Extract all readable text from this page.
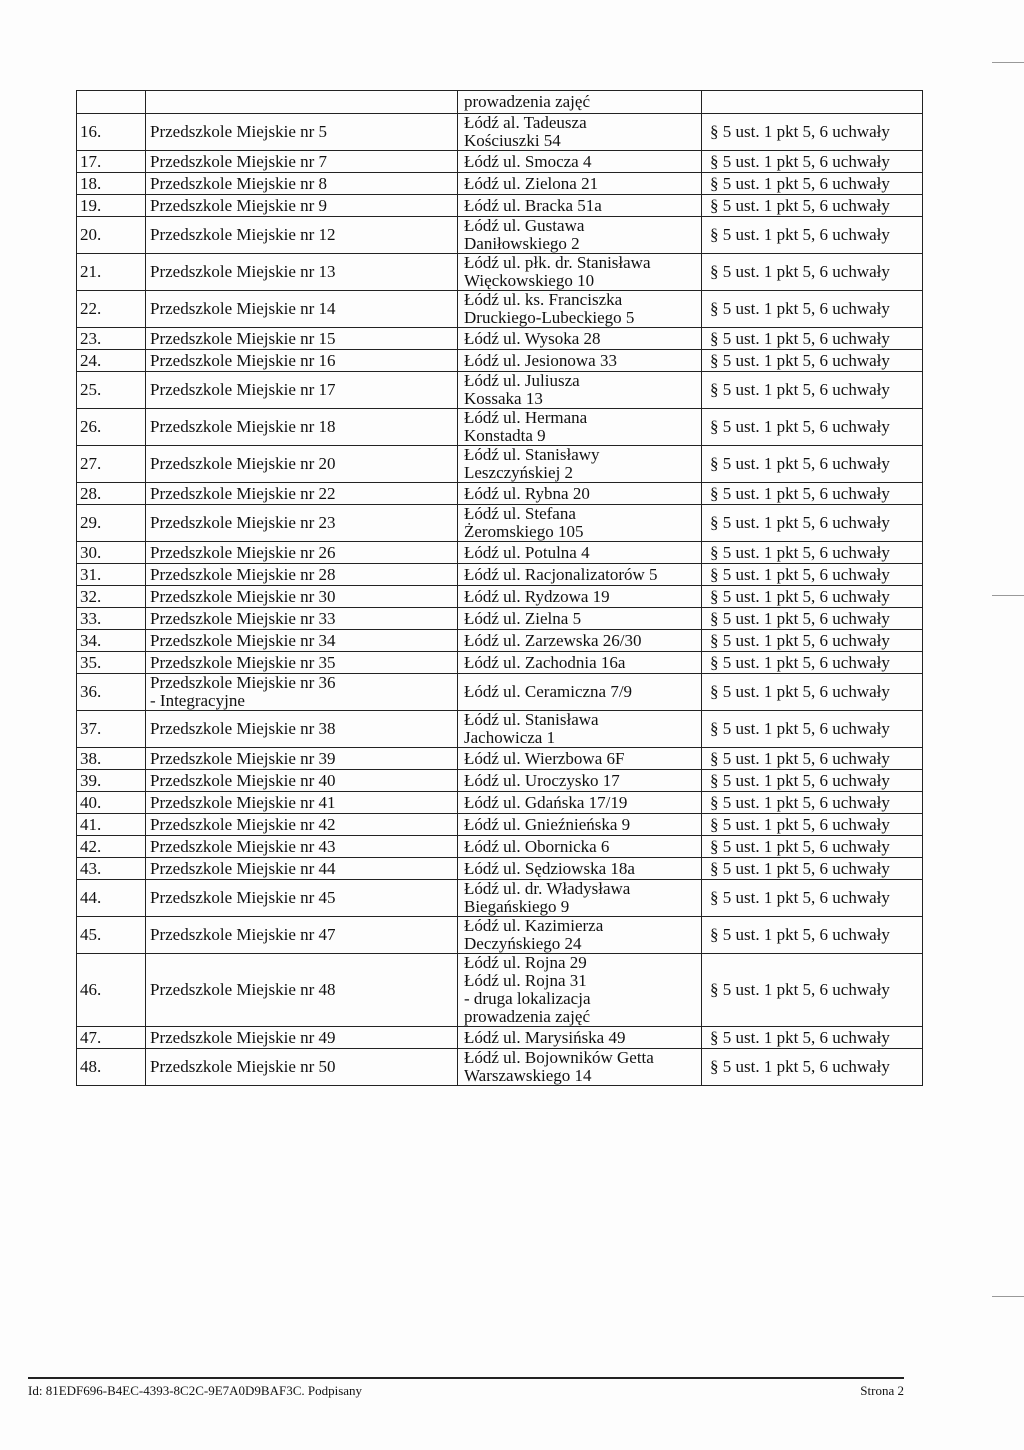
		prowadzenia zajęć	

16.	Przedszkole Miejskie nr 5	Łódź al. Tadeusza
Kościuszki 54	§ 5 ust. 1 pkt 5, 6 uchwały
17.	Przedszkole Miejskie nr 7	Łódź ul. Smocza 4	§ 5 ust. 1 pkt 5, 6 uchwały
18.	Przedszkole Miejskie nr 8	Łódź ul. Zielona 21	§ 5 ust. 1 pkt 5, 6 uchwały
19.	Przedszkole Miejskie nr 9	Łódź ul. Bracka 51a	§ 5 ust. 1 pkt 5, 6 uchwały
20.	Przedszkole Miejskie nr 12	Łódź ul. Gustawa
Daniłowskiego 2	§ 5 ust. 1 pkt 5, 6 uchwały
21.	Przedszkole Miejskie nr 13	Łódź ul. płk. dr. Stanisława
Więckowskiego 10	§ 5 ust. 1 pkt 5, 6 uchwały
22.	Przedszkole Miejskie nr 14	Łódź ul. ks. Franciszka
Druckiego-Lubeckiego 5	§ 5 ust. 1 pkt 5, 6 uchwały
23.	Przedszkole Miejskie nr 15	Łódź ul. Wysoka 28	§ 5 ust. 1 pkt 5, 6 uchwały
24.	Przedszkole Miejskie nr 16	Łódź ul. Jesionowa 33	§ 5 ust. 1 pkt 5, 6 uchwały
25.	Przedszkole Miejskie nr 17	Łódź ul. Juliusza
Kossaka 13	§ 5 ust. 1 pkt 5, 6 uchwały
26.	Przedszkole Miejskie nr 18	Łódź ul. Hermana
Konstadta 9	§ 5 ust. 1 pkt 5, 6 uchwały
27.	Przedszkole Miejskie nr 20	Łódź ul. Stanisławy
Leszczyńskiej 2	§ 5 ust. 1 pkt 5, 6 uchwały
28.	Przedszkole Miejskie nr 22	Łódź ul. Rybna 20	§ 5 ust. 1 pkt 5, 6 uchwały
29.	Przedszkole Miejskie nr 23	Łódź ul. Stefana
Żeromskiego 105	§ 5 ust. 1 pkt 5, 6 uchwały
30.	Przedszkole Miejskie nr 26	Łódź ul. Potulna 4	§ 5 ust. 1 pkt 5, 6 uchwały
31.	Przedszkole Miejskie nr 28	Łódź ul. Racjonalizatorów 5	§ 5 ust. 1 pkt 5, 6 uchwały
32.	Przedszkole Miejskie nr 30	Łódź ul. Rydzowa 19	§ 5 ust. 1 pkt 5, 6 uchwały
33.	Przedszkole Miejskie nr 33	Łódź ul. Zielna 5	§ 5 ust. 1 pkt 5, 6 uchwały
34.	Przedszkole Miejskie nr 34	Łódź ul. Zarzewska 26/30	§ 5 ust. 1 pkt 5, 6 uchwały
35.	Przedszkole Miejskie nr 35	Łódź ul. Zachodnia 16a	§ 5 ust. 1 pkt 5, 6 uchwały
36.	Przedszkole Miejskie nr 36
- Integracyjne	Łódź ul. Ceramiczna 7/9	§ 5 ust. 1 pkt 5, 6 uchwały
37.	Przedszkole Miejskie nr 38	Łódź ul. Stanisława
Jachowicza 1	§ 5 ust. 1 pkt 5, 6 uchwały
38.	Przedszkole Miejskie nr 39	Łódź ul. Wierzbowa 6F	§ 5 ust. 1 pkt 5, 6 uchwały
39.	Przedszkole Miejskie nr 40	Łódź ul. Uroczysko 17	§ 5 ust. 1 pkt 5, 6 uchwały
40.	Przedszkole Miejskie nr 41	Łódź ul. Gdańska 17/19	§ 5 ust. 1 pkt 5, 6 uchwały
41.	Przedszkole Miejskie nr 42	Łódź ul. Gnieźnieńska 9	§ 5 ust. 1 pkt 5, 6 uchwały
42.	Przedszkole Miejskie nr 43	Łódź ul. Obornicka 6	§ 5 ust. 1 pkt 5, 6 uchwały
43.	Przedszkole Miejskie nr 44	Łódź ul. Sędziowska 18a	§ 5 ust. 1 pkt 5, 6 uchwały
44.	Przedszkole Miejskie nr 45	Łódź ul. dr. Władysława
Biegańskiego 9	§ 5 ust. 1 pkt 5, 6 uchwały
45.	Przedszkole Miejskie nr 47	Łódź ul. Kazimierza
Deczyńskiego 24	§ 5 ust. 1 pkt 5, 6 uchwały
46.	Przedszkole Miejskie nr 48	Łódź ul. Rojna 29
Łódź ul. Rojna 31
- druga lokalizacja
prowadzenia zajęć	§ 5 ust. 1 pkt 5, 6 uchwały
47.	Przedszkole Miejskie nr 49	Łódź ul. Marysińska 49	§ 5 ust. 1 pkt 5, 6 uchwały
48.	Przedszkole Miejskie nr 50	Łódź ul. Bojowników Getta
Warszawskiego 14	§ 5 ust. 1 pkt 5, 6 uchwały
Id: 81EDF696-B4EC-4393-8C2C-9E7A0D9BAF3C. Podpisany	Strona 2
